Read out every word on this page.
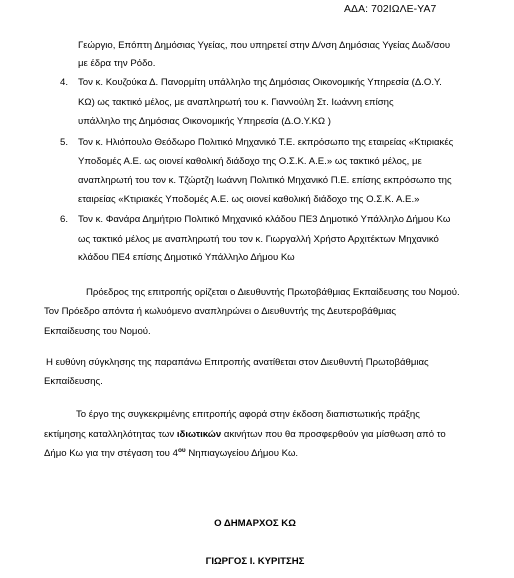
ΑΔΑ: 702ΙΩΛΕ-ΥΑ7
Γεώργιο, Επόπτη Δημόσιας Υγείας, που υπηρετεί στην Δ/νση Δημόσιας Υγείας Δωδ/σου
με έδρα την Ρόδο.
4. Τον κ. Κουζούκα Δ. Πανορμίτη υπάλληλο της Δημόσιας Οικονομικής Υπηρεσία (Δ.Ο.Υ.
ΚΩ) ως τακτικό μέλος, με αναπληρωτή του κ. Γιαννούλη Στ. Ιωάννη επίσης
υπάλληλο της Δημόσιας Οικονομικής Υπηρεσία (Δ.Ο.Υ.ΚΩ )
5. Τον κ. Ηλιόπουλο Θεόδωρο Πολιτικό Μηχανικό Τ.Ε. εκπρόσωπο της εταιρείας «Κτιριακές
Υποδομές Α.Ε. ως οιονεί καθολική διάδοχο της Ο.Σ.Κ. Α.Ε.» ως τακτικό μέλος, με
αναπληρωτή του τον κ. Τζώρτζη Ιωάννη Πολιτικό Μηχανικό Π.Ε. επίσης εκπρόσωπο της
εταιρείας «Κτιριακές Υποδομές Α.Ε. ως οιονεί καθολική διάδοχο της Ο.Σ.Κ. Α.Ε.»
6. Τον κ. Φανάρα Δημήτριο Πολιτικό Μηχανικό κλάδου ΠΕ3 Δημοτικό Υπάλληλο Δήμου Κω
ως τακτικό μέλος με αναπληρωτή του τον κ. Γιωργαλλή Χρήστο Αρχιτέκτων Μηχανικό
κλάδου ΠΕ4 επίσης Δημοτικό Υπάλληλο Δήμου Κω
Πρόεδρος της επιτροπής ορίζεται ο Διευθυντής Πρωτοβάθμιας Εκπαίδευσης του Νομού.
Τον Πρόεδρο απόντα ή κωλυόμενο αναπληρώνει ο Διευθυντής της Δευτεροβάθμιας
Εκπαίδευσης του Νομού.
Η ευθύνη σύγκλησης της παραπάνω Επιτροπής ανατίθεται στον Διευθυντή Πρωτοβάθμιας
Εκπαίδευσης.
Το έργο της συγκεκριμένης επιτροπής αφορά στην έκδοση διαπιστωτικής πράξης
εκτίμησης καταλληλότητας των ιδιωτικών ακινήτων που θα προσφερθούν για μίσθωση από το
Δήμο Κω για την στέγαση του $4^{o\upsilon}$ Νηπιαγωγείου Δήμου Κω.
Ο ΔΗΜΑΡΧΟΣ ΚΩ
ΓΙΩΡΓΟΣ Ι. ΚΥΡΙΤΣΗΣ
